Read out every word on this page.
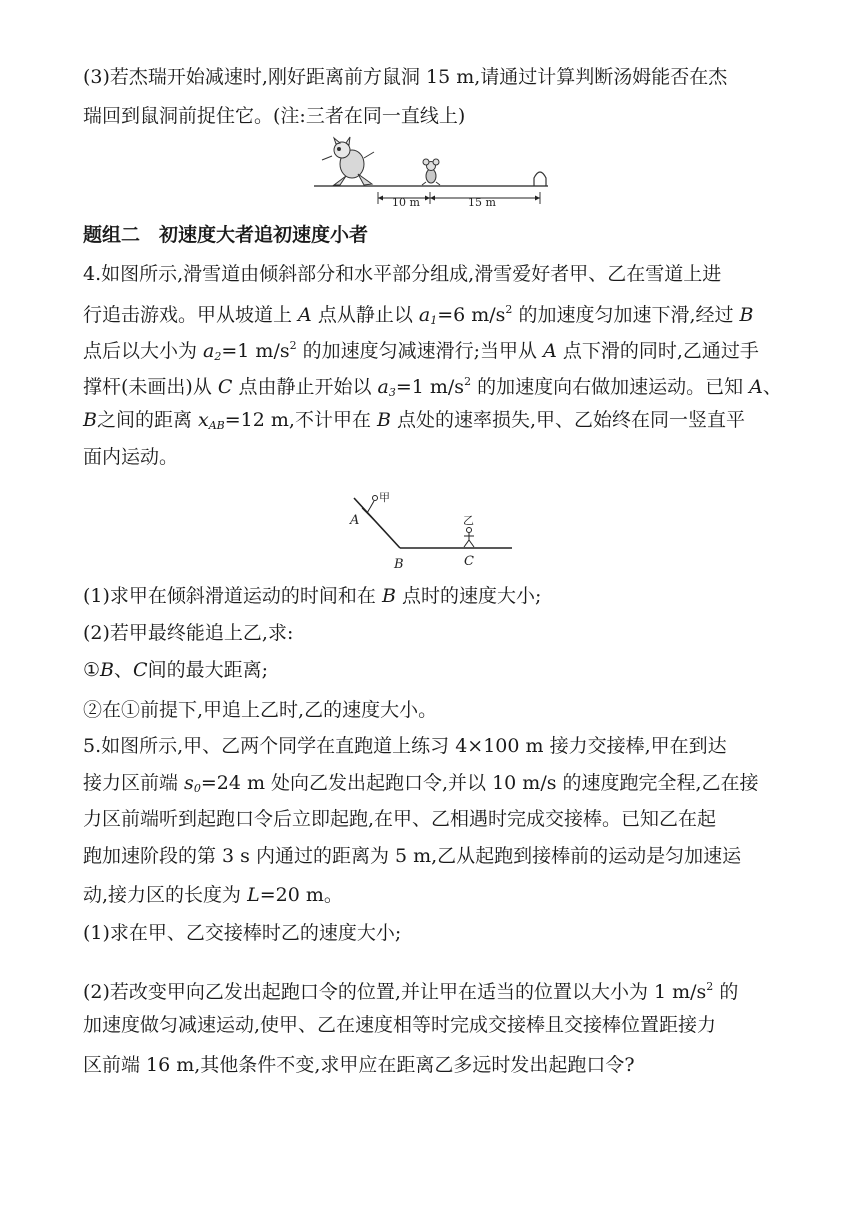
(3)若杰瑞开始减速时,刚好距离前方鼠洞 15 m,请通过计算判断汤姆能否在杰
瑞回到鼠洞前捉住它。(注:三者在同一直线上)
10 m	15 m
题组二　初速度大者追初速度小者
4.如图所示,滑雪道由倾斜部分和水平部分组成,滑雪爱好者甲、乙在雪道上进
行追击游戏。甲从坡道上 A 点从静止以 $a_1=6$ $m/s^2$ 的加速度匀加速下滑,经过 B
点后以大小为 $a_2=1$ $m/s^2$ 的加速度匀减速滑行;当甲从 A 点下滑的同时,乙通过手
撑杆(未画出)从 C 点由静止开始以 $a_3=1$ $m/s^2$ 的加速度向右做加速运动。已知 A、
B之间的距离 $x_{AB}=12$ m,不计甲在 B 点处的速率损失,甲、乙始终在同一竖直平
面内运动。
甲
A
B
乙
C
(1)求甲在倾斜滑道运动的时间和在 B 点时的速度大小;
(2)若甲最终能追上乙,求:
①B、C间的最大距离;
②在①前提下,甲追上乙时,乙的速度大小。
5.如图所示,甲、乙两个同学在直跑道上练习 4×100 m 接力交接棒,甲在到达
接力区前端 $s_0=24$ m 处向乙发出起跑口令,并以 10 m/s 的速度跑完全程,乙在接
力区前端听到起跑口令后立即起跑,在甲、乙相遇时完成交接棒。已知乙在起
跑加速阶段的第 3 s 内通过的距离为 5 m,乙从起跑到接棒前的运动是匀加速运
动,接力区的长度为 L=20 m。
(1)求在甲、乙交接棒时乙的速度大小;
(2)若改变甲向乙发出起跑口令的位置,并让甲在适当的位置以大小为 1 $m/s^2$ 的
加速度做匀减速运动,使甲、乙在速度相等时完成交接棒且交接棒位置距接力
区前端 16 m,其他条件不变,求甲应在距离乙多远时发出起跑口令?
